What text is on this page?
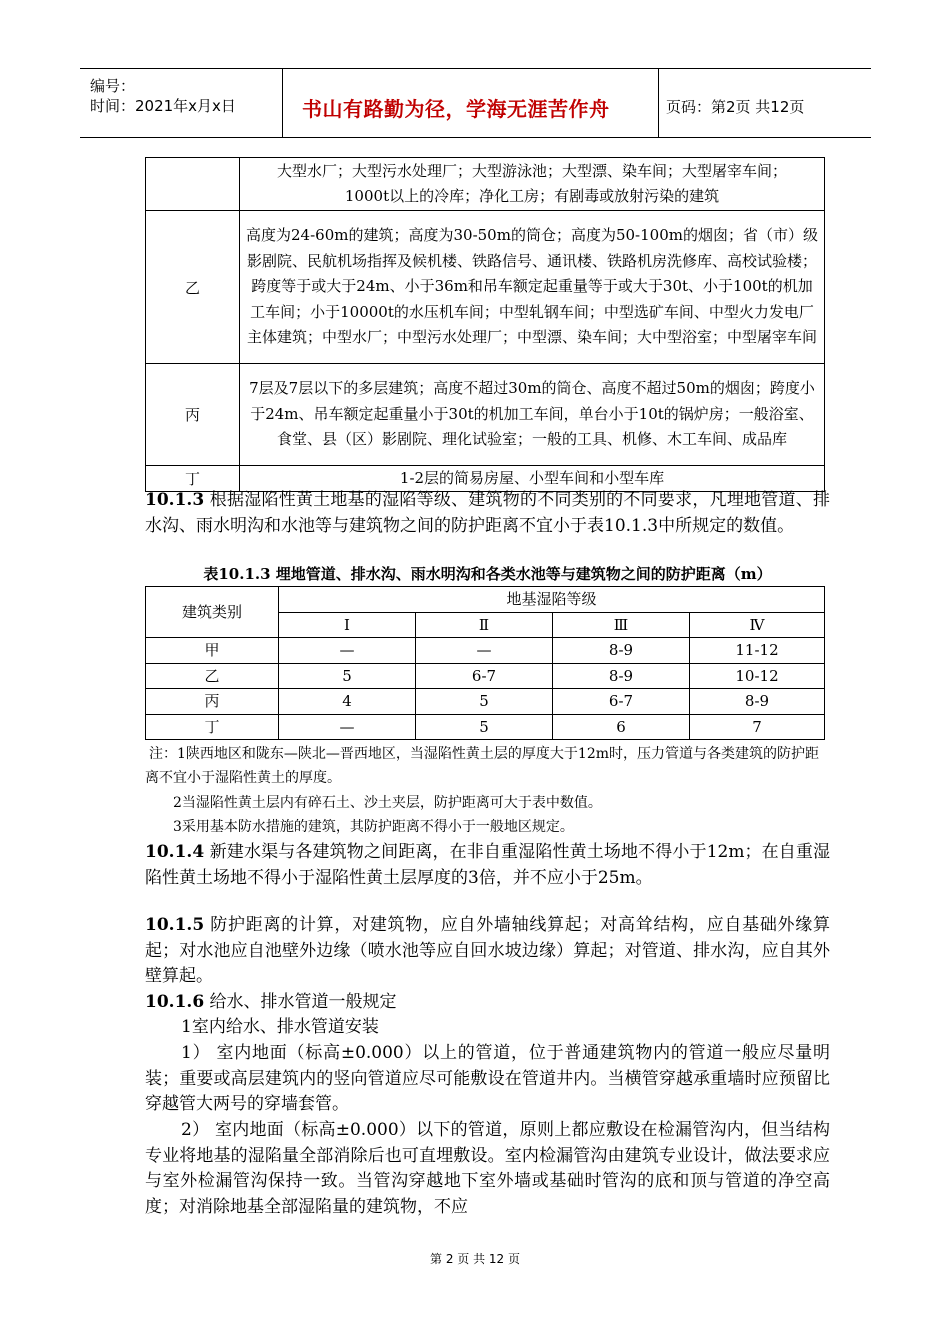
编号：
时间：2021年x月x日	书山有路勤为径，学海无涯苦作舟	页码：第2页 共12页
	大型水厂；大型污水处理厂；大型游泳池；大型漂、染车间；大型屠宰车间；1000t以上的冷库；净化工房；有剧毒或放射污染的建筑
乙	高度为24-60m的建筑；高度为30-50m的筒仓；高度为50-100m的烟囱；省（市）级影剧院、民航机场指挥及候机楼、铁路信号、通讯楼、铁路机房洗修库、高校试验楼；跨度等于或大于24m、小于36m和吊车额定起重量等于或大于30t、小于100t的机加工车间；小于10000t的水压机车间；中型轧钢车间；中型选矿车间、中型火力发电厂主体建筑；中型水厂；中型污水处理厂；中型漂、染车间；大中型浴室；中型屠宰车间
丙	7层及7层以下的多层建筑；高度不超过30m的筒仓、高度不超过50m的烟囱；跨度小于24m、吊车额定起重量小于30t的机加工车间，单台小于10t的锅炉房；一般浴室、食堂、县（区）影剧院、理化试验室；一般的工具、机修、木工车间、成品库
丁	1-2层的简易房屋、小型车间和小型车库
10.1.3 根据湿陷性黄土地基的湿陷等级、建筑物的不同类别的不同要求，凡埋地管道、排水沟、雨水明沟和水池等与建筑物之间的防护距离不宜小于表10.1.3中所规定的数值。
表10.1.3 埋地管道、排水沟、雨水明沟和各类水池等与建筑物之间的防护距离（m）
建筑类别	地基湿陷等级			
	Ⅰ	Ⅱ	Ⅲ	Ⅳ
甲	—	—	8-9	11-12
乙	5	6-7	8-9	10-12
丙	4	5	6-7	8-9
丁	—	5	6	7
注：1陕西地区和陇东—陕北—晋西地区，当湿陷性黄土层的厚度大于12m时，压力管道与各类建筑的防护距离不宜小于湿陷性黄土的厚度。
2当湿陷性黄土层内有碎石土、沙土夹层，防护距离可大于表中数值。
3采用基本防水措施的建筑，其防护距离不得小于一般地区规定。
10.1.4 新建水渠与各建筑物之间距离，在非自重湿陷性黄土场地不得小于12m；在自重湿陷性黄土场地不得小于湿陷性黄土层厚度的3倍，并不应小于25m。
10.1.5 防护距离的计算，对建筑物，应自外墙轴线算起；对高耸结构，应自基础外缘算起；对水池应自池壁外边缘（喷水池等应自回水坡边缘）算起；对管道、排水沟，应自其外壁算起。
10.1.6 给水、排水管道一般规定
1室内给水、排水管道安装
1） 室内地面（标高±0.000）以上的管道，位于普通建筑物内的管道一般应尽量明装；重要或高层建筑内的竖向管道应尽可能敷设在管道井内。当横管穿越承重墙时应预留比穿越管大两号的穿墙套管。
2） 室内地面（标高±0.000）以下的管道，原则上都应敷设在检漏管沟内，但当结构专业将地基的湿陷量全部消除后也可直埋敷设。室内检漏管沟由建筑专业设计，做法要求应与室外检漏管沟保持一致。当管沟穿越地下室外墙或基础时管沟的底和顶与管道的净空高度；对消除地基全部湿陷量的建筑物，不应
第 2 页 共 12 页
